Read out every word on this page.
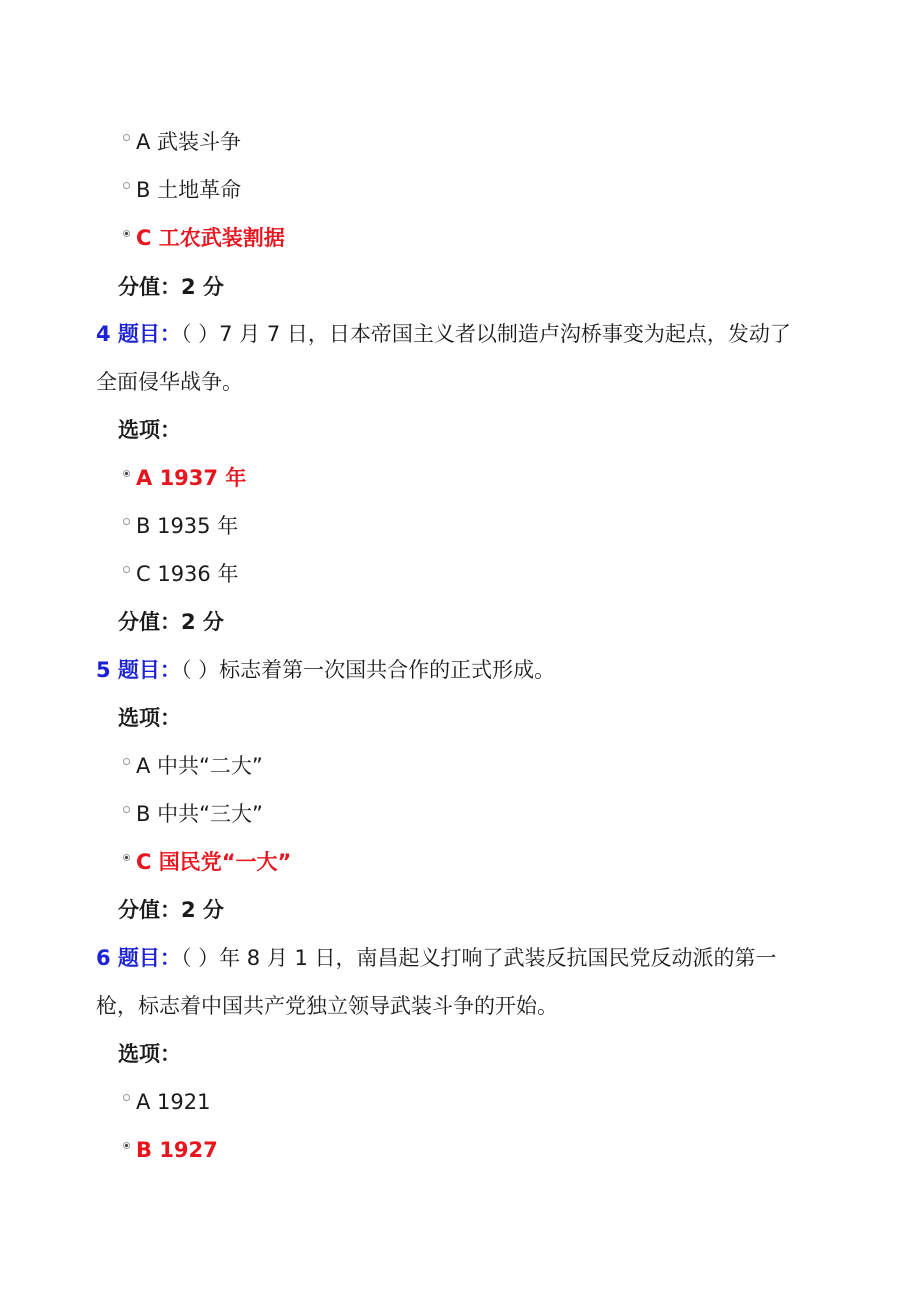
A 武装斗争
B 土地革命
C 工农武装割据
分值：2 分
4 题目：（ ）7 月 7 日，日本帝国主义者以制造卢沟桥事变为起点，发动了
全面侵华战争。
选项：
A 1937 年
B 1935 年
C 1936 年
分值：2 分
5 题目：（ ）标志着第一次国共合作的正式形成。
选项：
A 中共“二大”
B 中共“三大”
C 国民党“一大”
分值：2 分
6 题目：（ ）年 8 月 1 日，南昌起义打响了武装反抗国民党反动派的第一
枪，标志着中国共产党独立领导武装斗争的开始。
选项：
A 1921
B 1927
